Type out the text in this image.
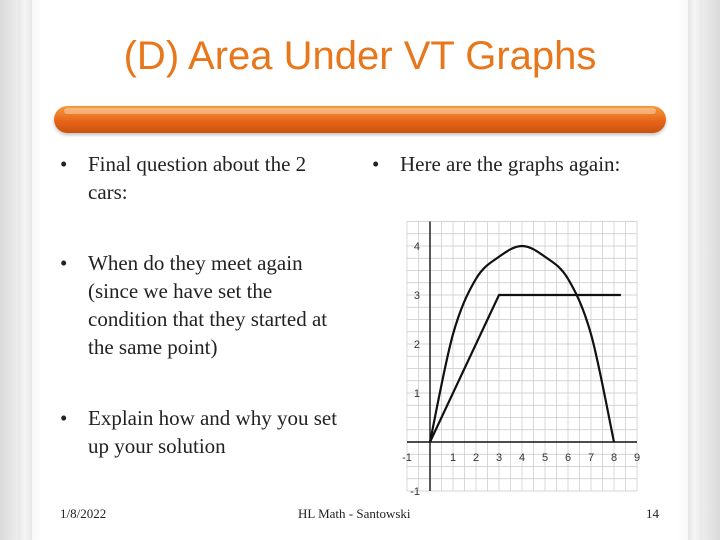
(D) Area Under VT Graphs
• Final question about the 2 cars:
• When do they meet again (since we have set the condition that they started at the same point)
• Explain how and why you set up your solution
• Here are the graphs again:
-1	1 2 3 4 5 6 7 8 9
-1
1
2
3
4
1/8/2022	HL Math - Santowski	14
